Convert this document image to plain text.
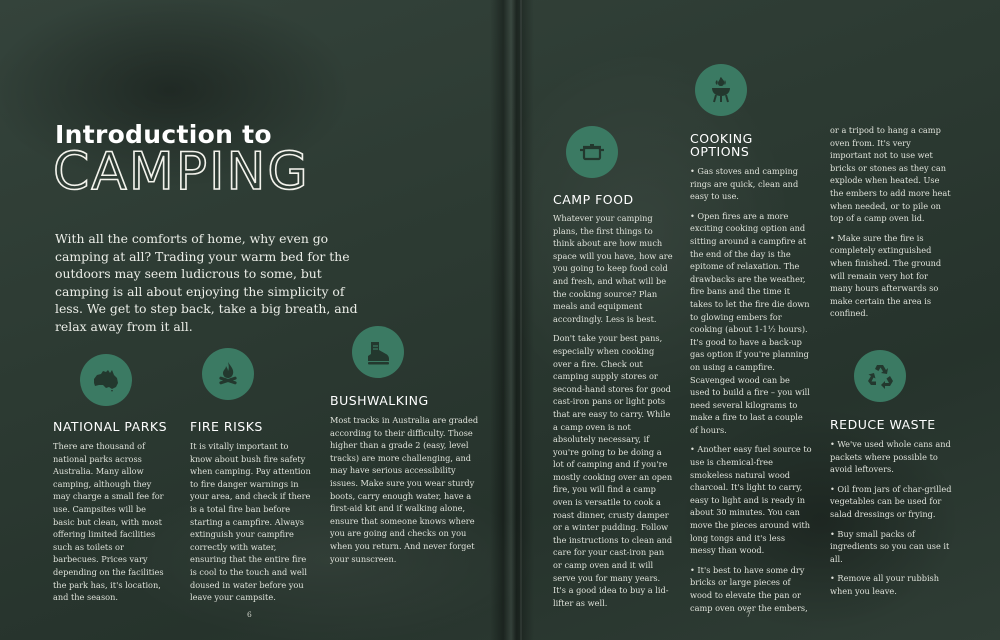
Introduction to
CAMPING
With all the comforts of home, why even go camping at all? Trading your warm bed for the outdoors may seem ludicrous to some, but camping is all about enjoying the simplicity of less. We get to step back, take a big breath, and relax away from it all.
NATIONAL PARKS

There are thousand of national parks across Australia. Many allow camping, although they may charge a small fee for use. Campsites will be basic but clean, with most offering limited facilities such as toilets or barbecues. Prices vary depending on the facilities the park has, it's location, and the season.

FIRE RISKS

It is vitally important to know about bush fire safety when camping. Pay attention to fire danger warnings in your area, and check if there is a total fire ban before starting a campfire. Always extinguish your campfire correctly with water, ensuring that the entire fire is cool to the touch and well doused in water before you leave your campsite.

BUSHWALKING

Most tracks in Australia are graded according to their difficulty. Those higher than a grade 2 (easy, level tracks) are more challenging, and may have serious accessibility issues. Make sure you wear sturdy boots, carry enough water, have a first-aid kit and if walking alone, ensure that someone knows where you are going and checks on you when you return. And never forget your sunscreen.

6
CAMP FOOD

Whatever your camping plans, the first things to think about are how much space will you have, how are you going to keep food cold and fresh, and what will be the cooking source? Plan meals and equipment accordingly. Less is best.

Don't take your best pans, especially when cooking over a fire. Check out camping supply stores or second-hand stores for good cast-iron pans or light pots that are easy to carry. While a camp oven is not absolutely necessary, if you're going to be doing a lot of camping and if you're mostly cooking over an open fire, you will find a camp oven is versatile to cook a roast dinner, crusty damper or a winter pudding. Follow the instructions to clean and care for your cast-iron pan or camp oven and it will serve you for many years. It's a good idea to buy a lid-lifter as well.

COOKING
OPTIONS
• Gas stoves and camping rings are quick, clean and easy to use.
• Open fires are a more exciting cooking option and sitting around a campfire at the end of the day is the epitome of relaxation. The drawbacks are the weather, fire bans and the time it takes to let the fire die down to glowing embers for cooking (about 1-1½ hours). It's good to have a back-up gas option if you're planning on using a campfire. Scavenged wood can be used to build a fire – you will need several kilograms to make a fire to last a couple of hours.
• Another easy fuel source to use is chemical-free smokeless natural wood charcoal. It's light to carry, easy to light and is ready in about 30 minutes. You can move the pieces around with long tongs and it's less messy than wood.
• It's best to have some dry bricks or large pieces of wood to elevate the pan or camp oven over the embers,

or a tripod to hang a camp oven from. It's very important not to use wet bricks or stones as they can explode when heated. Use the embers to add more heat when needed, or to pile on top of a camp oven lid.

• Make sure the fire is completely extinguished when finished. The ground will remain very hot for many hours afterwards so make certain the area is confined.

REDUCE WASTE
• We've used whole cans and packets where possible to avoid leftovers.
• Oil from jars of char-grilled vegetables can be used for salad dressings or frying.
• Buy small packs of ingredients so you can use it all.
• Remove all your rubbish when you leave.
7
